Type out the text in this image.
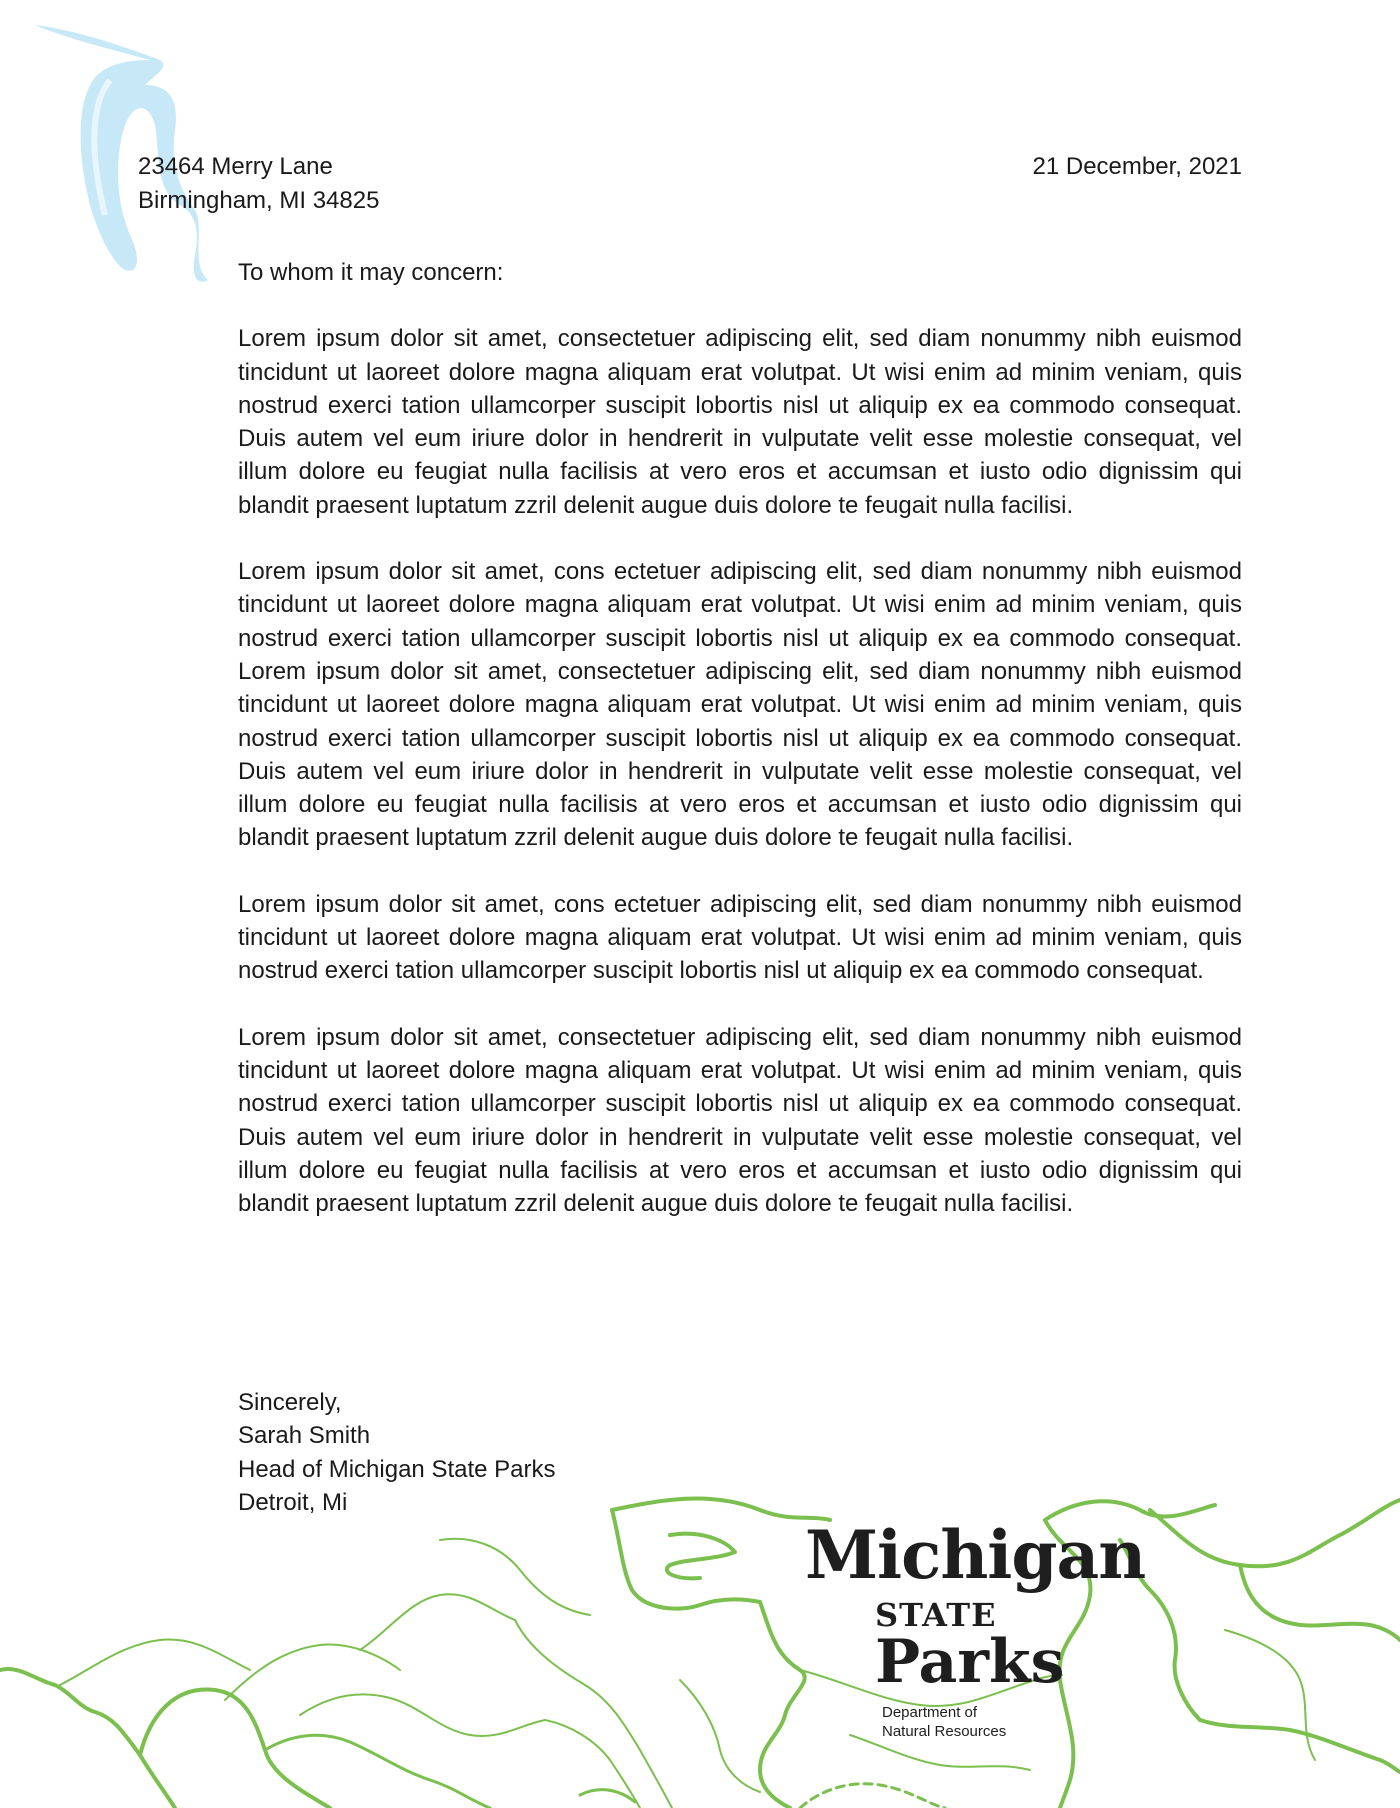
23464 Merry Lane
Birmingham, MI 34825
21 December, 2021

To whom it may concern:

Lorem ipsum dolor sit amet, consectetuer adipiscing elit, sed diam nonummy nibh euismod tincidunt ut laoreet dolore magna aliquam erat volutpat. Ut wisi enim ad minim veniam, quis nostrud exerci tation ullamcorper suscipit lobortis nisl ut aliquip ex ea commodo consequat. Duis autem vel eum iriure dolor in hendrerit in vulputate velit esse molestie consequat, vel illum dolore eu feugiat nulla facilisis at vero eros et accumsan et iusto odio dignissim qui blandit praesent luptatum zzril delenit augue duis dolore te feugait nulla facilisi.

Lorem ipsum dolor sit amet, cons ectetuer adipiscing elit, sed diam nonummy nibh euismod tincidunt ut laoreet dolore magna aliquam erat volutpat. Ut wisi enim ad minim veniam, quis nostrud exerci tation ullamcorper suscipit lobortis nisl ut aliquip ex ea commodo consequat. Lorem ipsum dolor sit amet, consectetuer adipiscing elit, sed diam nonummy nibh euismod tincidunt ut laoreet dolore magna aliquam erat volutpat. Ut wisi enim ad minim veniam, quis nostrud exerci tation ullamcorper suscipit lobortis nisl ut aliquip ex ea commodo consequat. Duis autem vel eum iriure dolor in hendrerit in vulputate velit esse molestie consequat, vel illum dolore eu feugiat nulla facilisis at vero eros et accumsan et iusto odio dignissim qui blandit praesent luptatum zzril delenit augue duis dolore te feugait nulla facilisi.

Lorem ipsum dolor sit amet, cons ectetuer adipiscing elit, sed diam nonummy nibh euismod tincidunt ut laoreet dolore magna aliquam erat volutpat. Ut wisi enim ad minim veniam, quis nostrud exerci tation ullamcorper suscipit lobortis nisl ut aliquip ex ea commodo consequat.

Lorem ipsum dolor sit amet, consectetuer adipiscing elit, sed diam nonummy nibh euismod tincidunt ut laoreet dolore magna aliquam erat volutpat. Ut wisi enim ad minim veniam, quis nostrud exerci tation ullamcorper suscipit lobortis nisl ut aliquip ex ea commodo consequat. Duis autem vel eum iriure dolor in hendrerit in vulputate velit esse molestie consequat, vel illum dolore eu feugiat nulla facilisis at vero eros et accumsan et iusto odio dignissim qui blandit praesent luptatum zzril delenit augue duis dolore te feugait nulla facilisi.

Sincerely,
Sarah Smith
Head of Michigan State Parks
Detroit, Mi
Michigan
STATE
Parks
Department of
Natural Resources
